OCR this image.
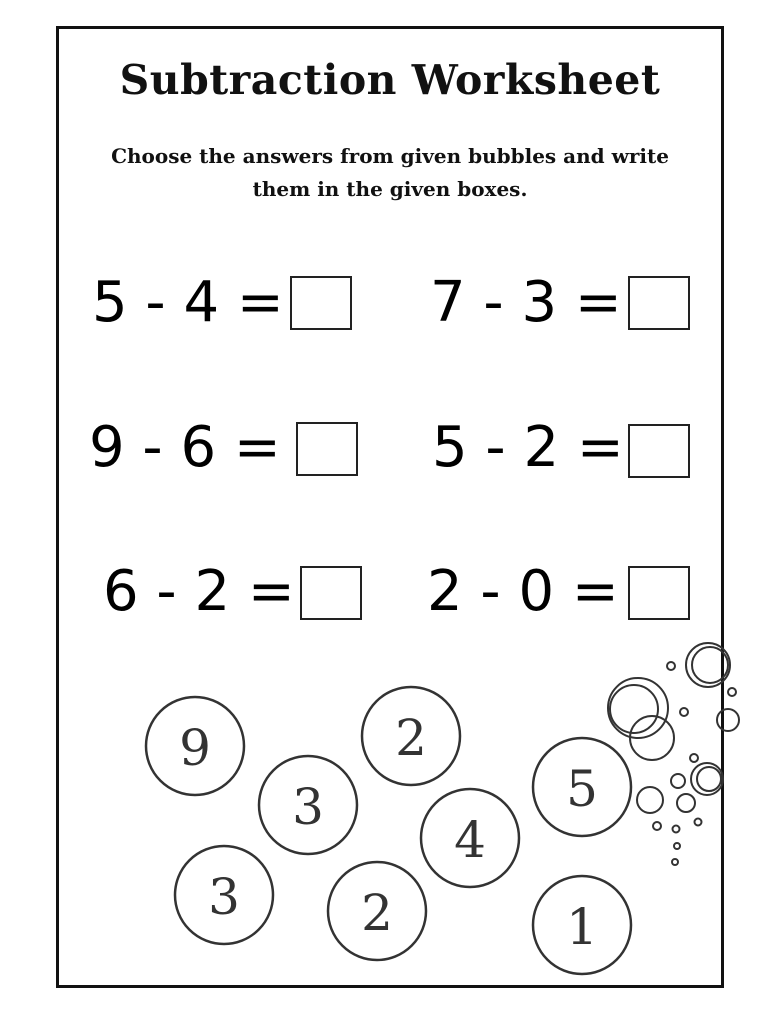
Subtraction Worksheet
Choose the answers from given bubbles and write
them in the given boxes.
5 - 4 =	7 - 3 =
9 - 6 =	5 - 2 =
6 - 2 = 2 - 0 =
9	2
3
4
5
3 2	1
